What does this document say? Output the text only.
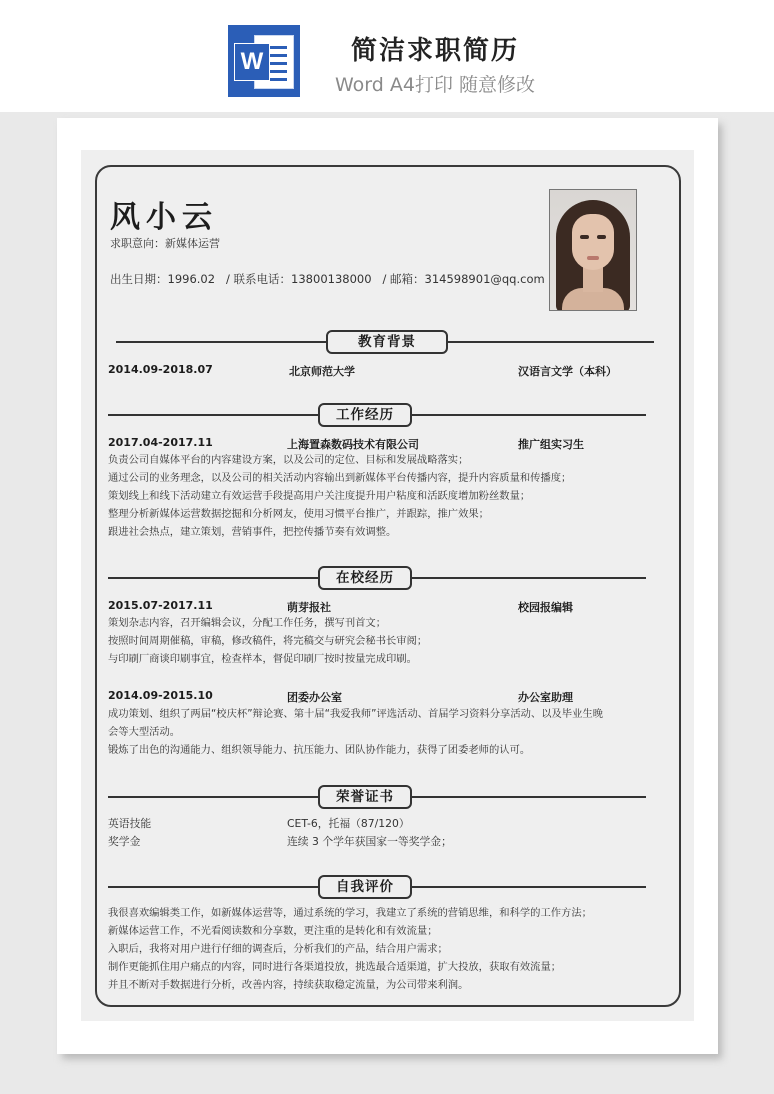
W	简洁求职简历
Word A4打印 随意修改
风小云
求职意向：新媒体运营
出生日期：1996.02   / 联系电话：13800138000   / 邮箱：314598901@qq.com
教育背景
2014.09-2018.07	北京师范大学	汉语言文学（本科）
工作经历
2017.04-2017.11	上海置森数码技术有限公司	推广组实习生
负责公司自媒体平台的内容建设方案，以及公司的定位、目标和发展战略落实；
通过公司的业务理念，以及公司的相关活动内容输出到新媒体平台传播内容，提升内容质量和传播度；
策划线上和线下活动建立有效运营手段提高用户关注度提升用户粘度和活跃度增加粉丝数量；
整理分析新媒体运营数据挖掘和分析网友，使用习惯平台推广，并跟踪，推广效果；
跟进社会热点，建立策划，营销事件，把控传播节奏有效调整。
在校经历
2015.07-2017.11	萌芽报社	校园报编辑
策划杂志内容，召开编辑会议，分配工作任务，撰写刊首文；
按照时间周期催稿，审稿，修改稿件，将完稿交与研究会秘书长审阅；
与印刷厂商谈印刷事宜，检查样本，督促印刷厂按时按量完成印刷。
2014.09-2015.10	团委办公室	办公室助理
成功策划、组织了两届“校庆杯”辩论赛、第十届“我爱我师”评选活动、首届学习资料分享活动、以及毕业生晚
会等大型活动。
锻炼了出色的沟通能力、组织领导能力、抗压能力、团队协作能力，获得了团委老师的认可。
荣誉证书
英语技能	CET-6，托福（87/120）
奖学金	连续 3 个学年获国家一等奖学金；
自我评价
我很喜欢编辑类工作，如新媒体运营等，通过系统的学习，我建立了系统的营销思维，和科学的工作方法；
新媒体运营工作，不光看阅读数和分享数，更注重的是转化和有效流量；
入职后，我将对用户进行仔细的调查后，分析我们的产品，结合用户需求；
制作更能抓住用户痛点的内容，同时进行各渠道投放，挑选最合适渠道，扩大投放，获取有效流量；
并且不断对手数据进行分析，改善内容，持续获取稳定流量，为公司带来利润。
